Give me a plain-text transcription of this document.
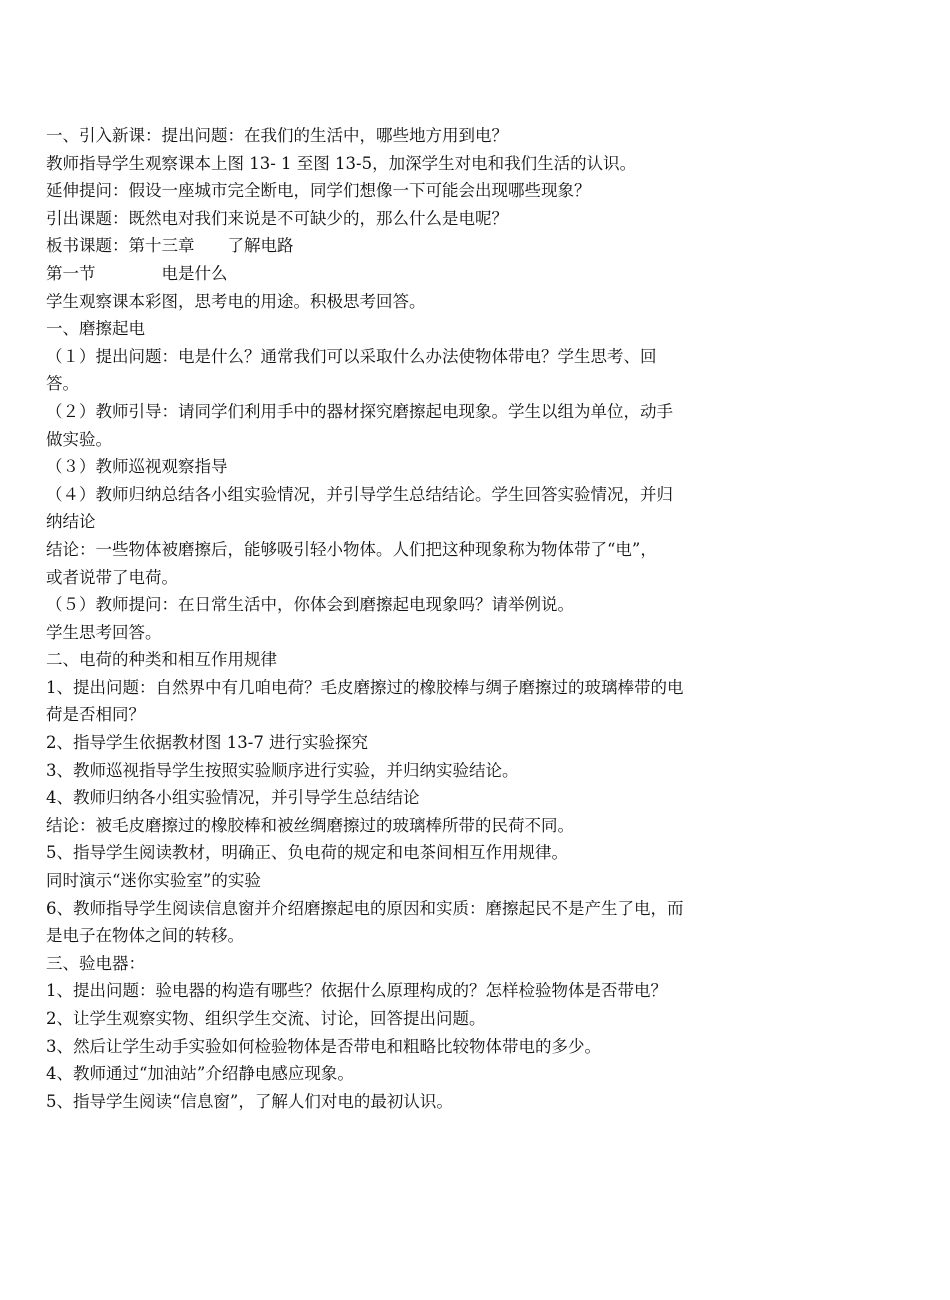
一、引入新课：提出问题：在我们的生活中，哪些地方用到电？
教师指导学生观察课本上图 13- 1 至图 13-5，加深学生对电和我们生活的认识。
延伸提问：假设一座城市完全断电，同学们想像一下可能会出现哪些现象？
引出课题：既然电对我们来说是不可缺少的，那么什么是电呢？
板书课题：第十三章　　了解电路
第一节　　　　电是什么
学生观察课本彩图，思考电的用途。积极思考回答。
一、磨擦起电
（１）提出问题：电是什么？通常我们可以采取什么办法使物体带电？学生思考、回
答。
（２）教师引导：请同学们利用手中的器材探究磨擦起电现象。学生以组为单位，动手
做实验。
（３）教师巡视观察指导
（４）教师归纳总结各小组实验情况，并引导学生总结结论。学生回答实验情况，并归
纳结论
结论：一些物体被磨擦后，能够吸引轻小物体。人们把这种现象称为物体带了“电”，
或者说带了电荷。
（５）教师提问：在日常生活中，你体会到磨擦起电现象吗？请举例说。
学生思考回答。
二、电荷的种类和相互作用规律
1、提出问题：自然界中有几咱电荷？毛皮磨擦过的橡胶棒与绸子磨擦过的玻璃棒带的电
荷是否相同？
2、指导学生依据教材图 13-7 进行实验探究
3、教师巡视指导学生按照实验顺序进行实验，并归纳实验结论。
4、教师归纳各小组实验情况，并引导学生总结结论
结论：被毛皮磨擦过的橡胶棒和被丝绸磨擦过的玻璃棒所带的民荷不同。
5、指导学生阅读教材，明确正、负电荷的规定和电茶间相互作用规律。
同时演示“迷你实验室”的实验
6、教师指导学生阅读信息窗并介绍磨擦起电的原因和实质：磨擦起民不是产生了电，而
是电子在物体之间的转移。
三、验电器：
1、提出问题：验电器的构造有哪些？依据什么原理构成的？怎样检验物体是否带电？
2、让学生观察实物、组织学生交流、讨论，回答提出问题。
3、然后让学生动手实验如何检验物体是否带电和粗略比较物体带电的多少。
4、教师通过“加油站”介绍静电感应现象。
5、指导学生阅读“信息窗”，了解人们对电的最初认识。
